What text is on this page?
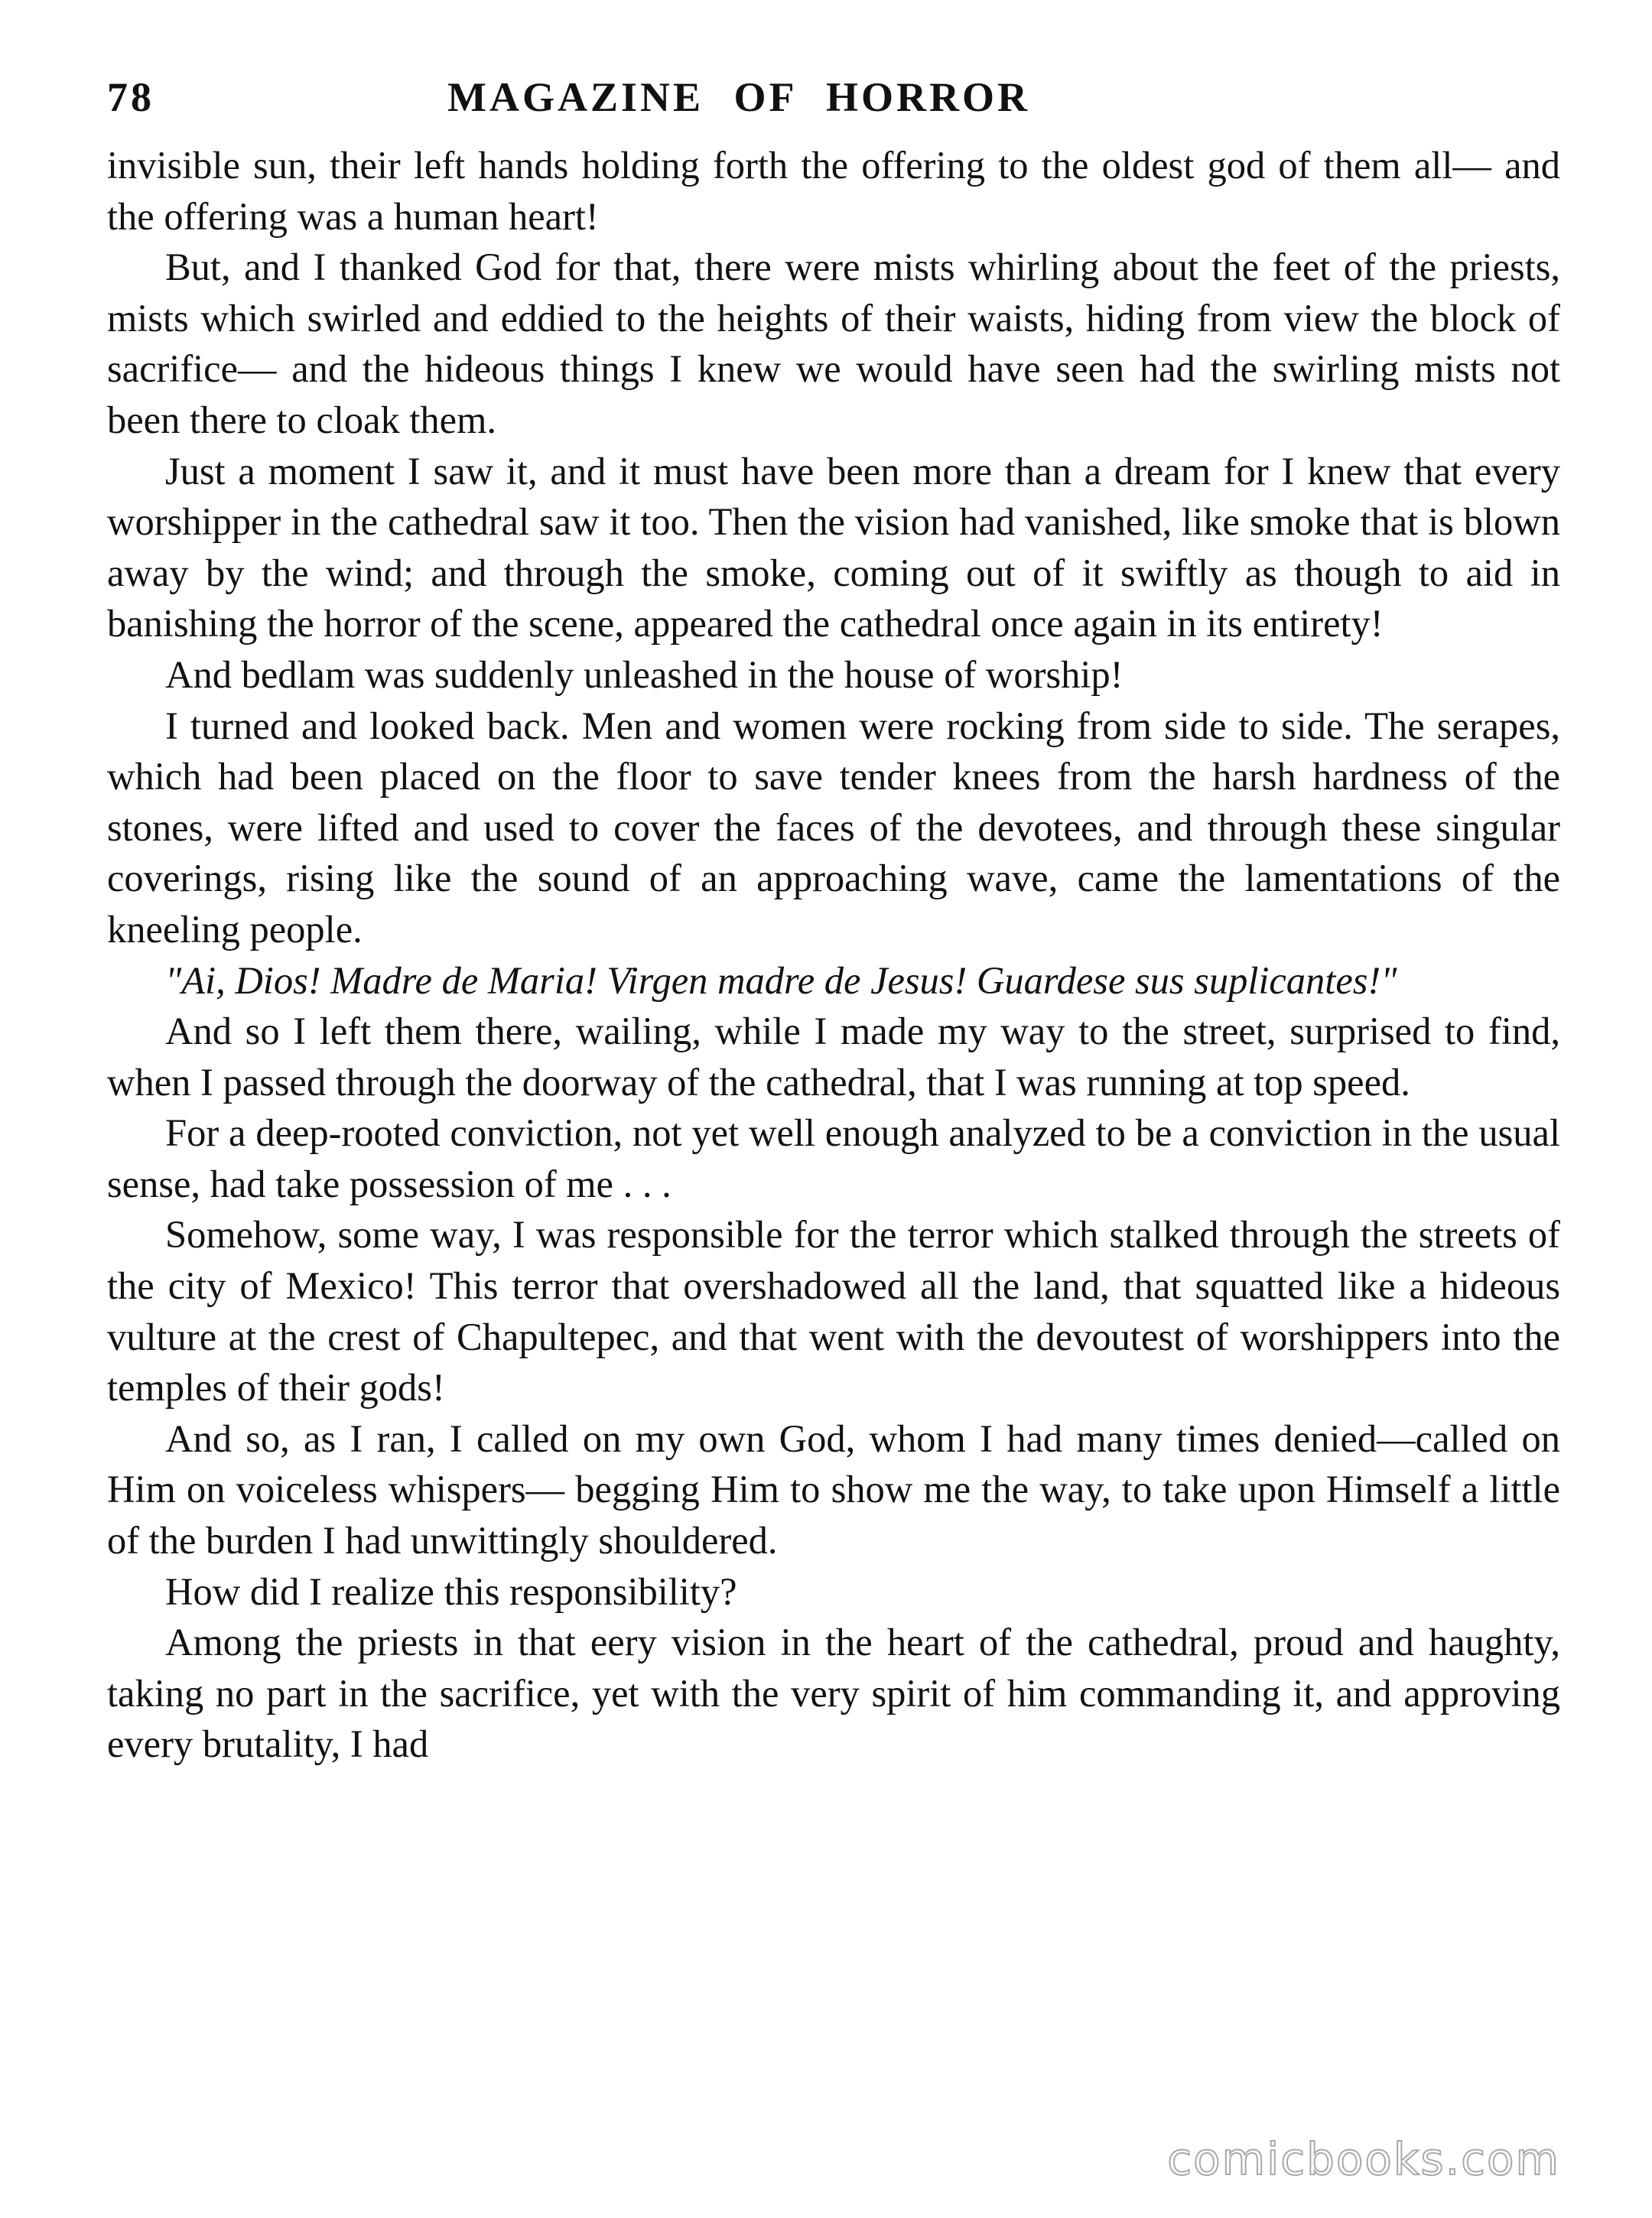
78	MAGAZINE OF HORROR

invisible sun, their left hands holding forth the offering to the oldest god of them all— and the offering was a human heart!

But, and I thanked God for that, there were mists whirling about the feet of the priests, mists which swirled and eddied to the heights of their waists, hiding from view the block of sacrifice— and the hideous things I knew we would have seen had the swirling mists not been there to cloak them.

Just a moment I saw it, and it must have been more than a dream for I knew that every worshipper in the cathedral saw it too. Then the vision had vanished, like smoke that is blown away by the wind; and through the smoke, coming out of it swiftly as though to aid in banishing the horror of the scene, appeared the cathedral once again in its entirety!

And bedlam was suddenly unleashed in the house of worship!

I turned and looked back. Men and women were rocking from side to side. The serapes, which had been placed on the floor to save tender knees from the harsh hardness of the stones, were lifted and used to cover the faces of the devotees, and through these singular coverings, rising like the sound of an approaching wave, came the lamentations of the kneeling people.

"Ai, Dios! Madre de Maria! Virgen madre de Jesus! Guardese sus suplicantes!"

And so I left them there, wailing, while I made my way to the street, surprised to find, when I passed through the doorway of the cathedral, that I was running at top speed.

For a deep-rooted conviction, not yet well enough analyzed to be a conviction in the usual sense, had take possession of me . . .

Somehow, some way, I was responsible for the terror which stalked through the streets of the city of Mexico! This terror that overshadowed all the land, that squatted like a hideous vulture at the crest of Chapultepec, and that went with the devoutest of worshippers into the temples of their gods!

And so, as I ran, I called on my own God, whom I had many times denied—called on Him on voiceless whispers— begging Him to show me the way, to take upon Himself a little of the burden I had unwittingly shouldered.

How did I realize this responsibility?

Among the priests in that eery vision in the heart of the cathedral, proud and haughty, taking no part in the sacrifice, yet with the very spirit of him commanding it, and approving every brutality, I had

comicbooks.com
